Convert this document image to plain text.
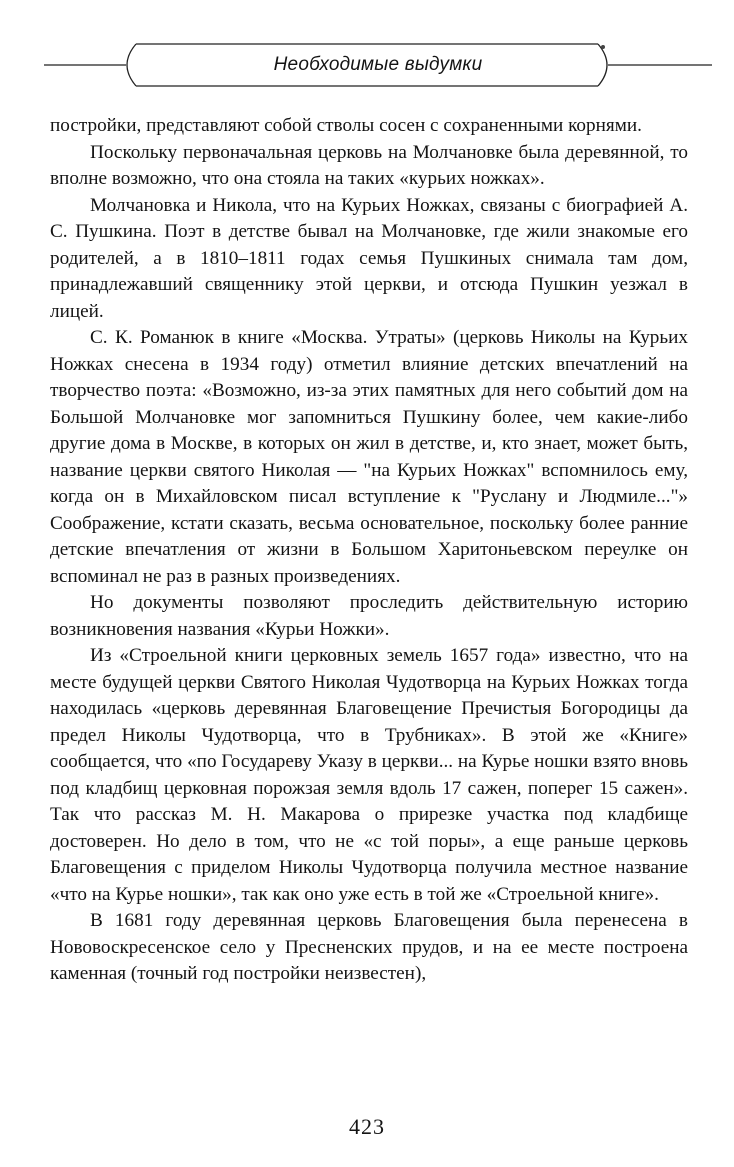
Необходимые выдумки

постройки, представляют собой стволы сосен с сохраненными корнями.

Поскольку первоначальная церковь на Молчановке была деревянной, то вполне возможно, что она стояла на таких «курьих ножках».

Молчановка и Никола, что на Курьих Ножках, связаны с биографией А. С. Пушкина. Поэт в детстве бывал на Молчановке, где жили знакомые его родителей, а в 1810–1811 годах семья Пушкиных снимала там дом, принадлежавший священнику этой церкви, и отсюда Пушкин уезжал в лицей.

С. К. Романюк в книге «Москва. Утраты» (церковь Николы на Курьих Ножках снесена в 1934 году) отметил влияние детских впечатлений на творчество поэта: «Возможно, из-за этих памятных для него событий дом на Большой Молчановке мог запомниться Пушкину более, чем какие-либо другие дома в Москве, в которых он жил в детстве, и, кто знает, может быть, название церкви святого Николая — "на Курьих Ножках" вспомнилось ему, когда он в Михайловском писал вступление к "Руслану и Людмиле..."» Соображение, кстати сказать, весьма основательное, поскольку более ранние детские впечатления от жизни в Большом Харитоньевском переулке он вспоминал не раз в разных произведениях.

Но документы позволяют проследить действительную историю возникновения названия «Курьи Ножки».

Из «Строельной книги церковных земель 1657 года» известно, что на месте будущей церкви Святого Николая Чудотворца на Курьих Ножках тогда находилась «церковь деревянная Благовещение Пречистыя Богородицы да предел Николы Чудотворца, что в Трубниках». В этой же «Книге» сообщается, что «по Государеву Указу в церкви... на Курье ношки взято вновь под кладбищ церковная порожзая земля вдоль 17 сажен, поперег 15 сажен». Так что рассказ М. Н. Макарова о прирезке участка под кладбище достоверен. Но дело в том, что не «с той поры», а еще раньше церковь Благовещения с приделом Николы Чудотворца получила местное название «что на Курье ношки», так как оно уже есть в той же «Строельной книге».

В 1681 году деревянная церковь Благовещения была перенесена в Нововоскресенское село у Пресненских прудов, и на ее месте построена каменная (точный год постройки неизвестен),

423
